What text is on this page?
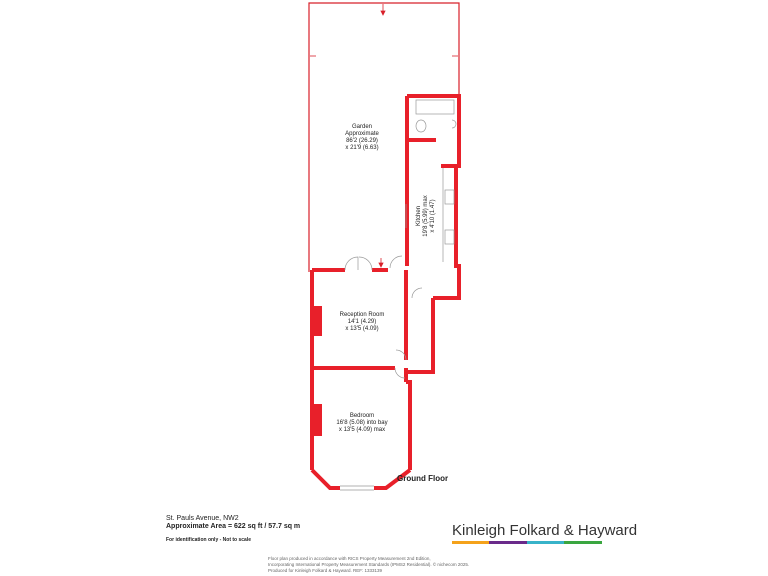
Garden
Approximate
86'2 (26.29)
x 21'9 (6.63)
Kitchen 19'8 (5.99) max x 4'10 (1.47)
Reception Room
14'1 (4.29)
x 13'5 (4.09)
Bedroom
16'8 (5.08) into bay
x 13'5 (4.09) max
Ground Floor
St. Pauls Avenue, NW2
Approximate Area = 622 sq ft / 57.7 sq m
For identification only - Not to scale
Kinleigh Folkard & Hayward
Floor plan produced in accordance with RICS Property Measurement 2nd Edition,
Incorporating International Property Measurement Standards (IPMS2 Residential). © nichecom 2025.
Produced for Kinleigh Folkard & Hayward. REF: 1333139
